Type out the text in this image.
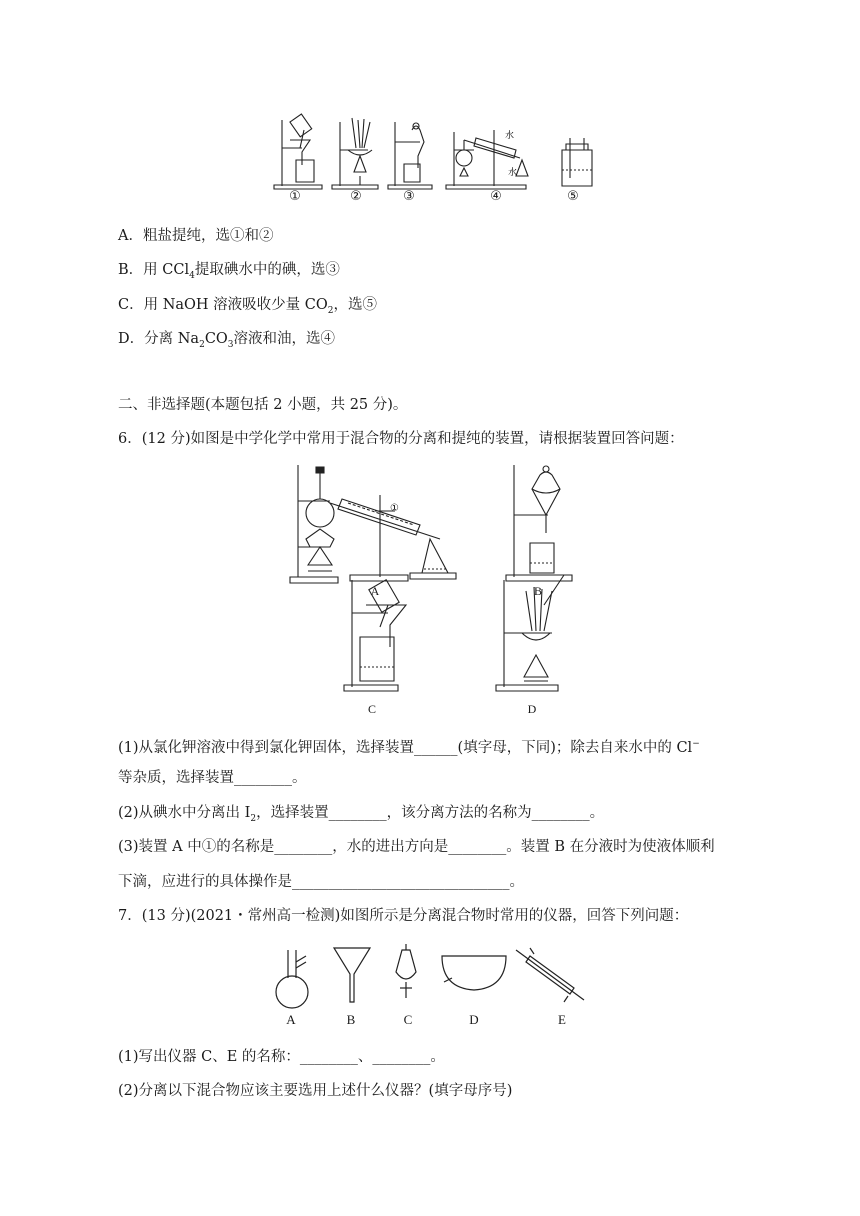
水
水
①	②	③	④	⑤
A．粗盐提纯，选①和②
B．用 CCl$_4$提取碘水中的碘，选③
C．用 NaOH 溶液吸收少量 $CO_2$，选⑤
D．分离 $Na_2CO_3$溶液和油，选④
二、非选择题(本题包括 2 小题，共 25 分)。
6．(12 分)如图是中学化学中常用于混合物的分离和提纯的装置，请根据装置回答问题：
①
A	B
C	D
(1)从氯化钾溶液中得到氯化钾固体，选择装置______(填字母，下同)；除去自来水中的 Cl−
等杂质，选择装置________。
(2)从碘水中分离出 $I_2$，选择装置________，该分离方法的名称为________。
(3)装置 A 中①的名称是________，水的进出方向是________。装置 B 在分液时为使液体顺利
下滴，应进行的具体操作是______________________________。
7．(13 分)(2021・常州高一检测)如图所示是分离混合物时常用的仪器，回答下列问题：
A	B	C	D	E
(1)写出仪器 C、E 的名称：________、________。
(2)分离以下混合物应该主要选用上述什么仪器？(填字母序号)
